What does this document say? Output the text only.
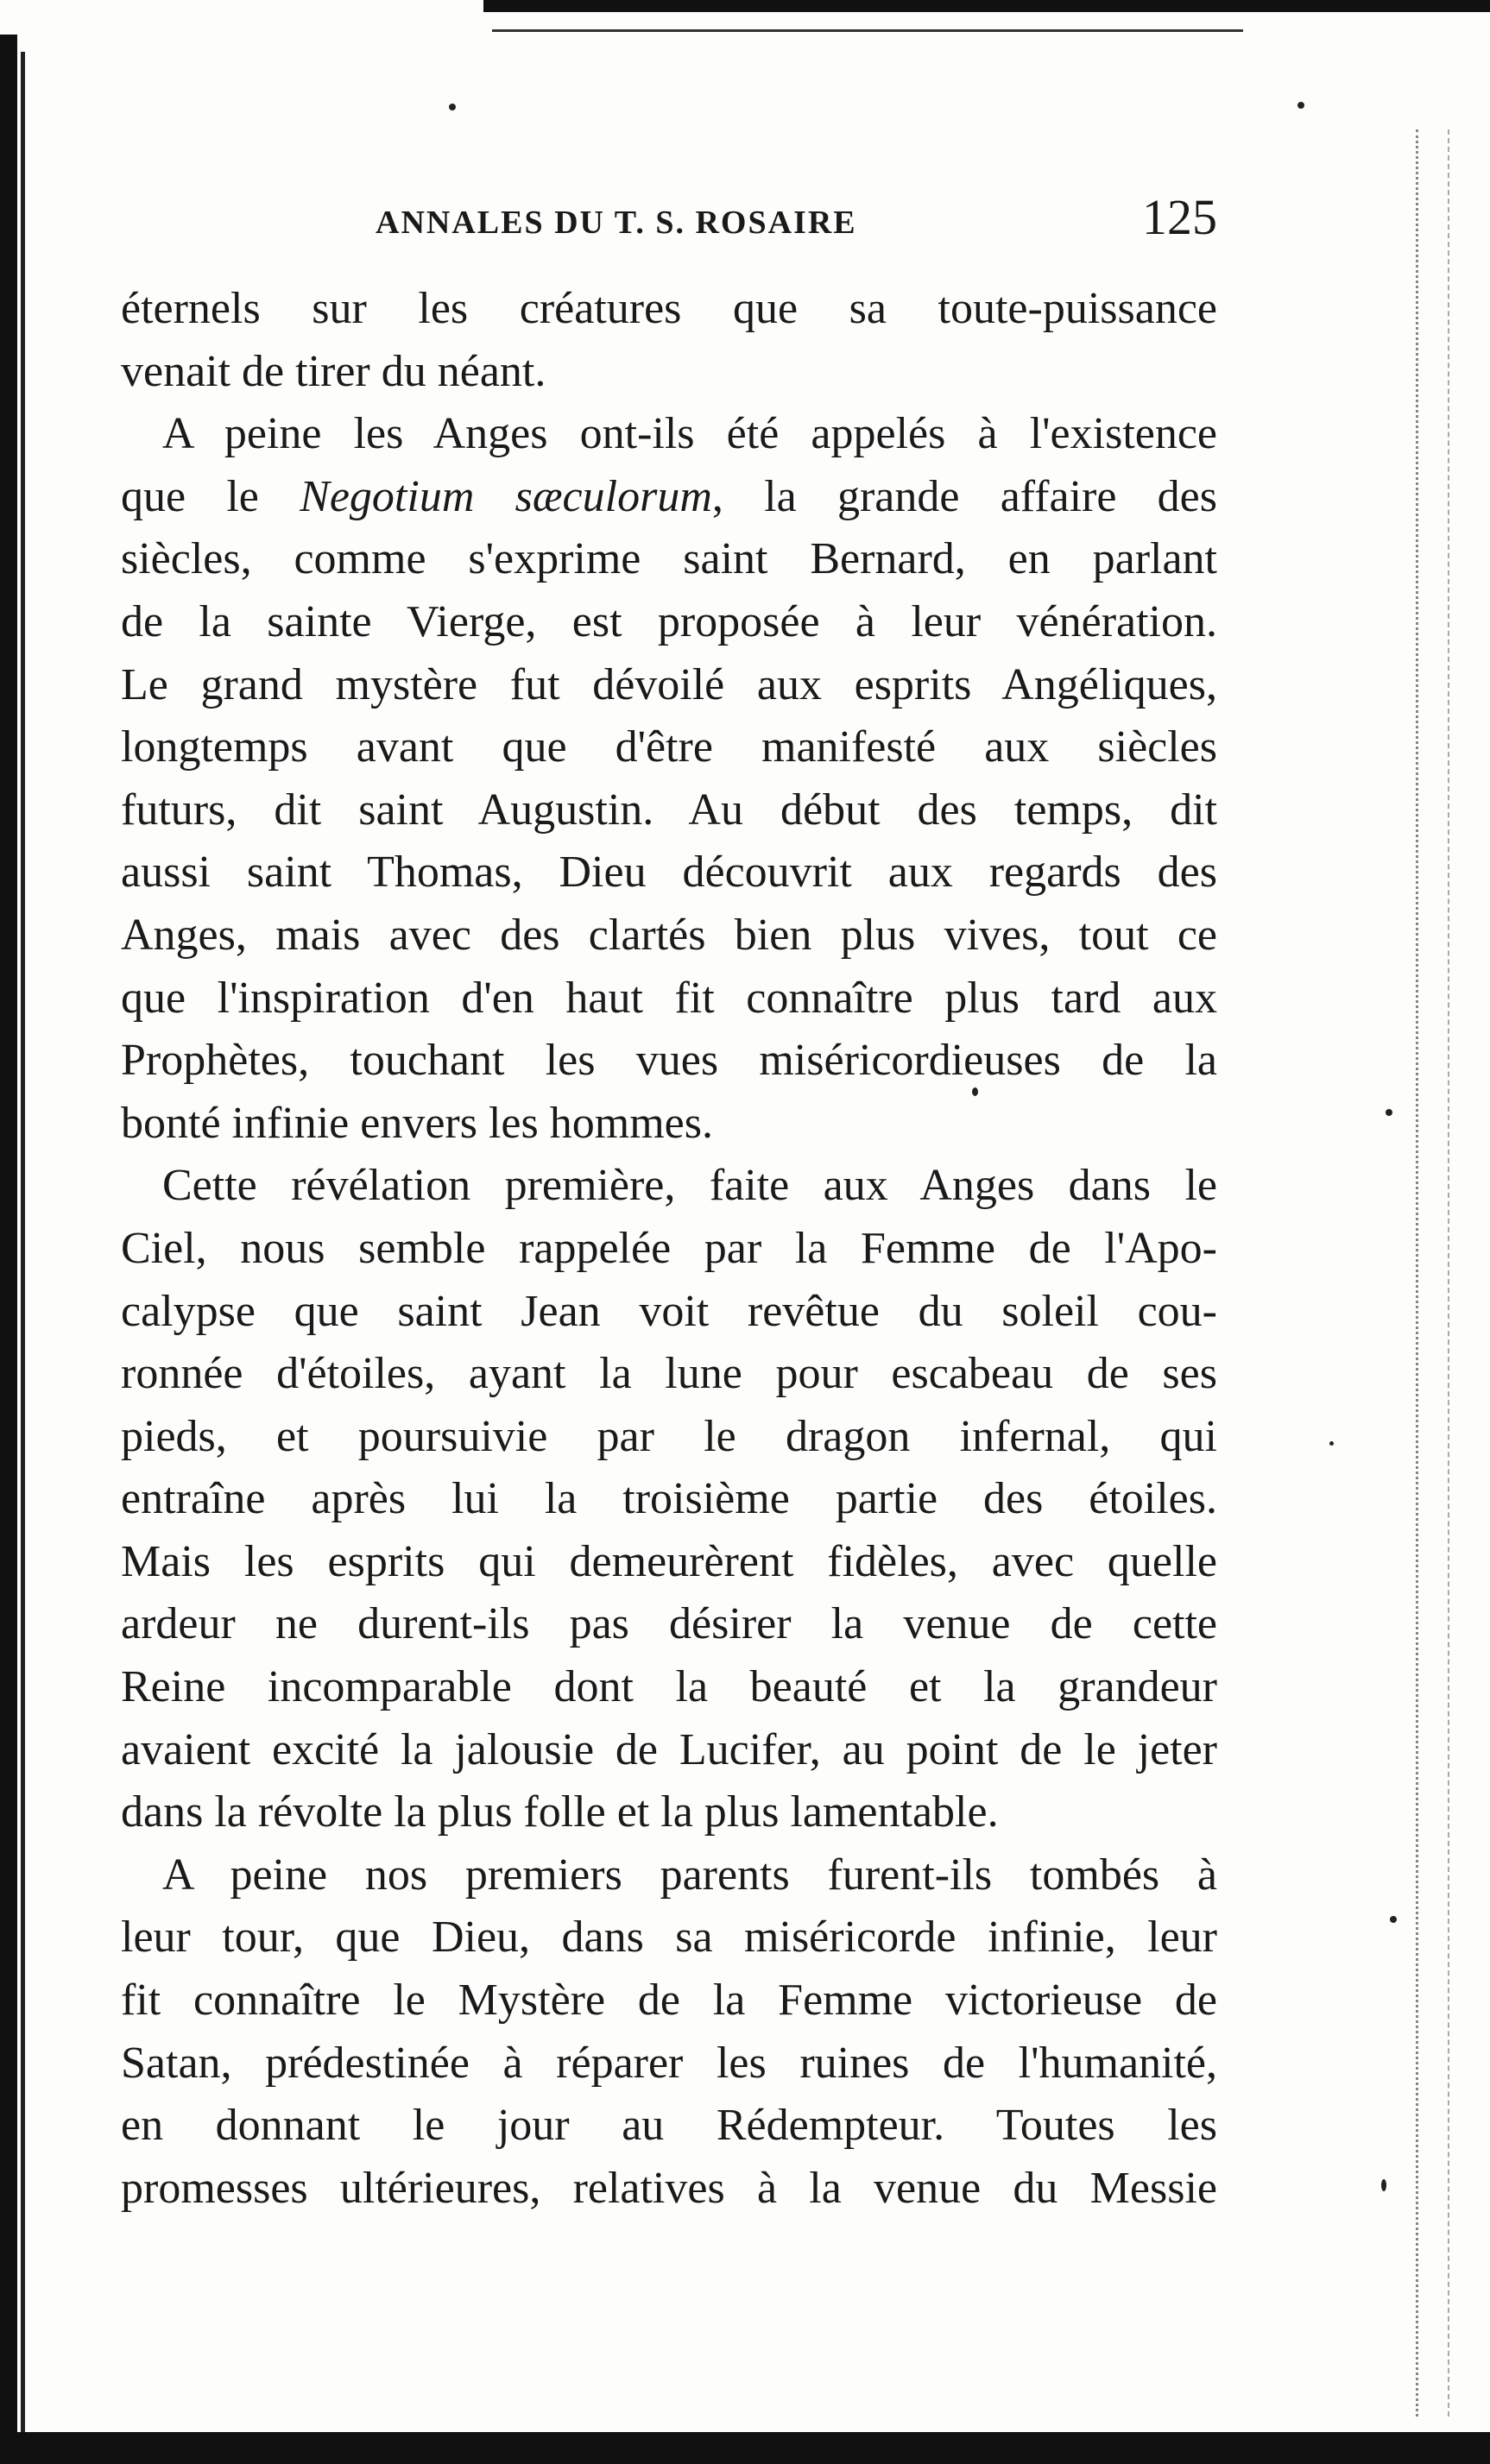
ANNALES DU T. S. ROSAIRE	125
éternels sur les créatures que sa toute-puissance
venait de tirer du néant.
A peine les Anges ont-ils été appelés à l'existence
que le Negotium sæculorum, la grande affaire des
siècles, comme s'exprime saint Bernard, en parlant
de la sainte Vierge, est proposée à leur vénération.
Le grand mystère fut dévoilé aux esprits Angéliques,
longtemps avant que d'être manifesté aux siècles
futurs, dit saint Augustin. Au début des temps, dit
aussi saint Thomas, Dieu découvrit aux regards des
Anges, mais avec des clartés bien plus vives, tout ce
que l'inspiration d'en haut fit connaître plus tard aux
Prophètes, touchant les vues miséricordieuses de la
bonté infinie envers les hommes.
Cette révélation première, faite aux Anges dans le
Ciel, nous semble rappelée par la Femme de l'Apo-
calypse que saint Jean voit revêtue du soleil cou-
ronnée d'étoiles, ayant la lune pour escabeau de ses
pieds, et poursuivie par le dragon infernal, qui
entraîne après lui la troisième partie des étoiles.
Mais les esprits qui demeurèrent fidèles, avec quelle
ardeur ne durent-ils pas désirer la venue de cette
Reine incomparable dont la beauté et la grandeur
avaient excité la jalousie de Lucifer, au point de le jeter
dans la révolte la plus folle et la plus lamentable.
A peine nos premiers parents furent-ils tombés à
leur tour, que Dieu, dans sa miséricorde infinie, leur
fit connaître le Mystère de la Femme victorieuse de
Satan, prédestinée à réparer les ruines de l'humanité,
en donnant le jour au Rédempteur. Toutes les
promesses ultérieures, relatives à la venue du Messie
